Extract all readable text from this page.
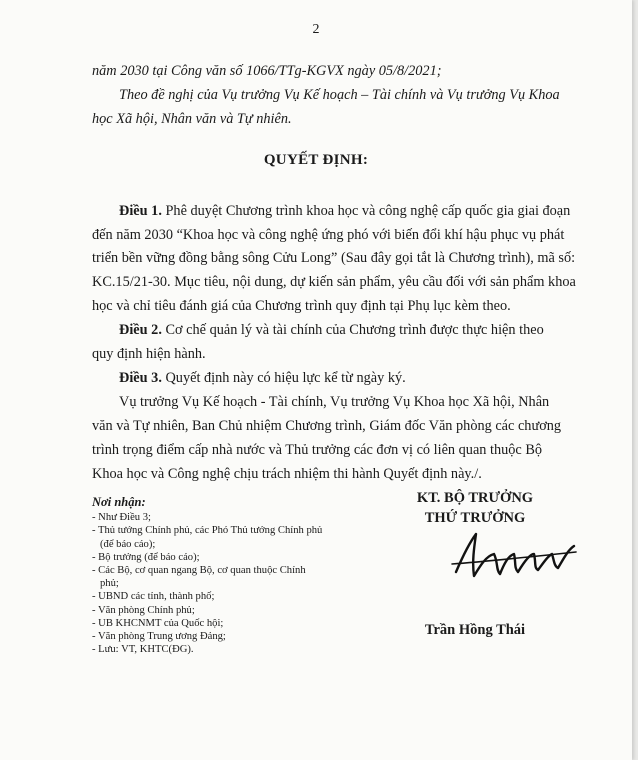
2
năm 2030 tại Công văn số 1066/TTg-KGVX ngày 05/8/2021;
Theo đề nghị của Vụ trưởng Vụ Kế hoạch – Tài chính và Vụ trưởng Vụ Khoa
học Xã hội, Nhân văn và Tự nhiên.
QUYẾT ĐỊNH:
Điều 1. Phê duyệt Chương trình khoa học và công nghệ cấp quốc gia giai đoạn
đến năm 2030 “Khoa học và công nghệ ứng phó với biến đổi khí hậu phục vụ phát
triển bền vững đồng bằng sông Cửu Long” (Sau đây gọi tắt là Chương trình), mã số:
KC.15/21-30. Mục tiêu, nội dung, dự kiến sản phẩm, yêu cầu đối với sản phẩm khoa
học và chỉ tiêu đánh giá của Chương trình quy định tại Phụ lục kèm theo.
Điều 2. Cơ chế quản lý và tài chính của Chương trình được thực hiện theo
quy định hiện hành.
Điều 3. Quyết định này có hiệu lực kể từ ngày ký.
Vụ trưởng Vụ Kế hoạch - Tài chính, Vụ trưởng Vụ Khoa học Xã hội, Nhân
văn và Tự nhiên, Ban Chủ nhiệm Chương trình, Giám đốc Văn phòng các chương
trình trọng điểm cấp nhà nước và Thủ trưởng các đơn vị có liên quan thuộc Bộ
Khoa học và Công nghệ chịu trách nhiệm thi hành Quyết định này./.
Nơi nhận:
- Như Điều 3;
- Thủ tướng Chính phủ, các Phó Thủ tướng Chính phủ
(để báo cáo);
- Bộ trưởng (để báo cáo);
- Các Bộ, cơ quan ngang Bộ, cơ quan thuộc Chính
phủ;
- UBND các tỉnh, thành phố;
- Văn phòng Chính phủ;
- UB KHCNMT của Quốc hội;
- Văn phòng Trung ương Đảng;
- Lưu: VT, KHTC(ĐG).
KT. BỘ TRƯỞNG
THỨ TRƯỞNG
Trần Hồng Thái
